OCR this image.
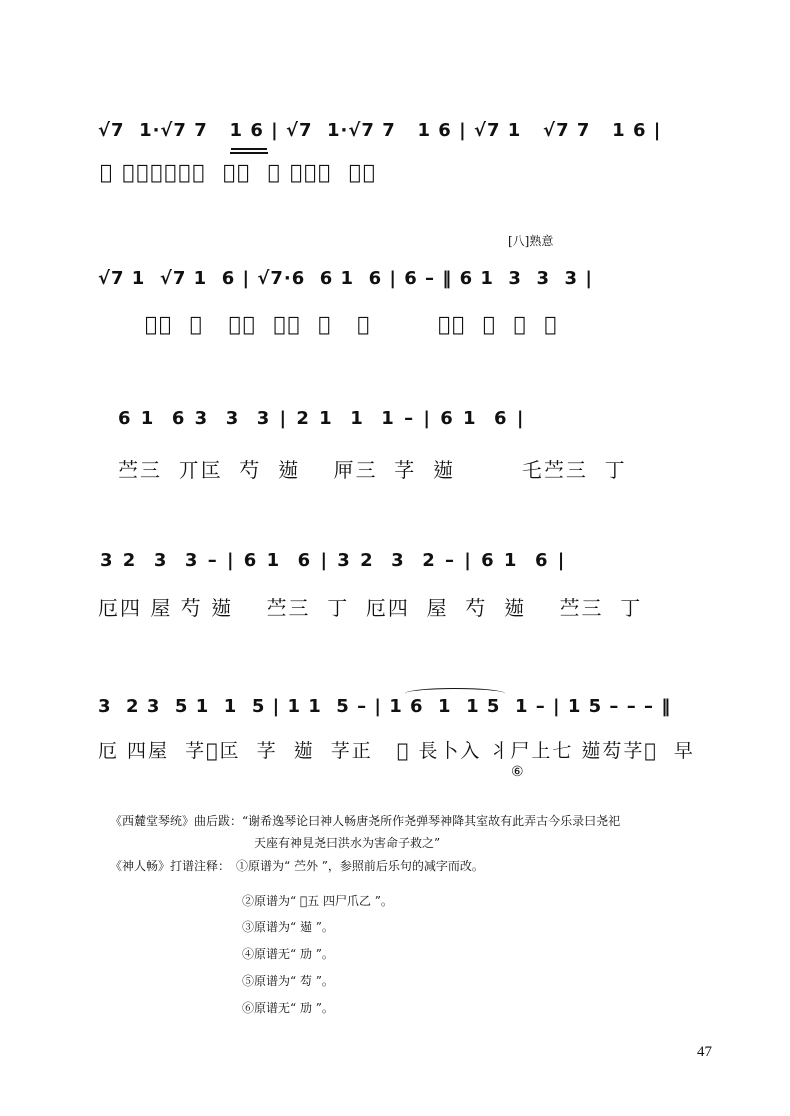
√7  1·√7 7   1 6 | √7  1·√7 7   1 6 | √7 1   √7 7   1 6 |
𪩲 弓上半小心𨔽  芶丁  𪩲 弓上半  二作
[八]熟意
√7 1  √7 1  6 | √7·6  6 1  6 | 6 – ‖ 6 1  3  3  3 |
𪩲芶  丁   𪩲𨔶  𨔽芶  丁   𨔽        苎三  匞  芍  𨔽
6 1  6 3  3  3 | 2 1  1  1 – | 6 1  6 |
苎三  丌匞  芍  𨔽    㕅三  芓  𨔽        乇苎三  丁
3 2  3  3 – | 6 1  6 | 3 2  3  2 – | 6 1  6 |
厄四 屋 芍 𨔽    苎三  丁  厄四  屋  芍  𨔽    苎三  丁
3  2 3  5 1  1  5 | 1 1  5 – | 1 6  1  1 5  1 – | 1 5 – – – ‖
厄 四屋  芓𪩲匞  芓  𨔽  芓正   𪩲 長卜入 丬尸上七 𨔽芶芓𪩲  早
⑥
《西麓堂琴统》曲后跋：“谢希逸琴论曰神人畅唐尧所作尧弹琴神降其室故有此弄古今乐录曰尧祀
天座有神見尧曰洪水为害命子救之”
《神人畅》打谱注释： ①原谱为“ 苎外 ”，参照前后乐句的减字而改。
②原谱为“ 𪩲五 四尸爪乙 ”。
③原谱为“ 𨔽 ”。
④原谱无“ 劢 ”。
⑤原谱为“ 芶 ”。
⑥原谱无“ 劢 ”。
47
